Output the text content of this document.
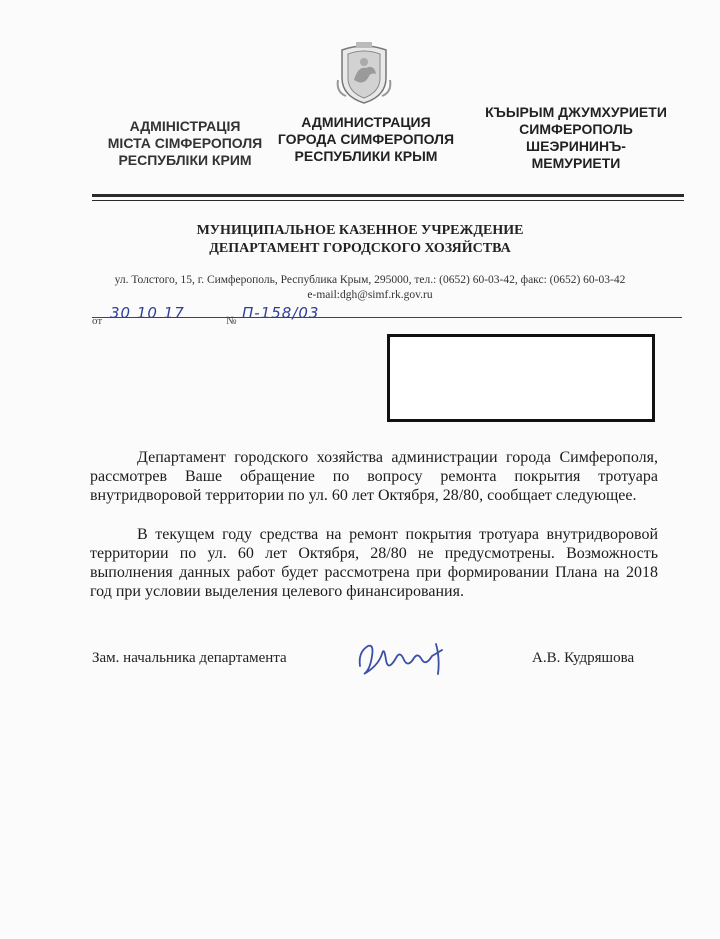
АДМІНІСТРАЦІЯ
МІСТА СІМФЕРОПОЛЯ
РЕСПУБЛІКИ КРИМ
АДМИНИСТРАЦИЯ
ГОРОДА СИМФЕРОПОЛЯ
РЕСПУБЛИКИ КРЫМ
КЪЫРЫМ ДЖУМХУРИЕТИ
СИМФЕРОПОЛЬ
ШЕЭРИНИНЪ-
МЕМУРИЕТИ
МУНИЦИПАЛЬНОЕ КАЗЕННОЕ УЧРЕЖДЕНИЕ
ДЕПАРТАМЕНТ ГОРОДСКОГО ХОЗЯЙСТВА
ул. Толстого, 15, г. Симферополь, Республика Крым, 295000, тел.: (0652) 60-03-42, факс: (0652) 60-03-42
e-mail:dgh@simf.rk.gov.ru
от 30 10 17	№ П-158/03
Департамент городского хозяйства администрации города Симферополя, рассмотрев Ваше обращение по вопросу ремонта покрытия тротуара внутридворовой территории по ул. 60 лет Октября, 28/80, сообщает следующее.
В текущем году средства на ремонт покрытия тротуара внутридворовой территории по ул. 60 лет Октября, 28/80 не предусмотрены. Возможность выполнения данных работ будет рассмотрена при формировании Плана на 2018 год при условии выделения целевого финансирования.
Зам. начальника департамента	А.В. Кудряшова
